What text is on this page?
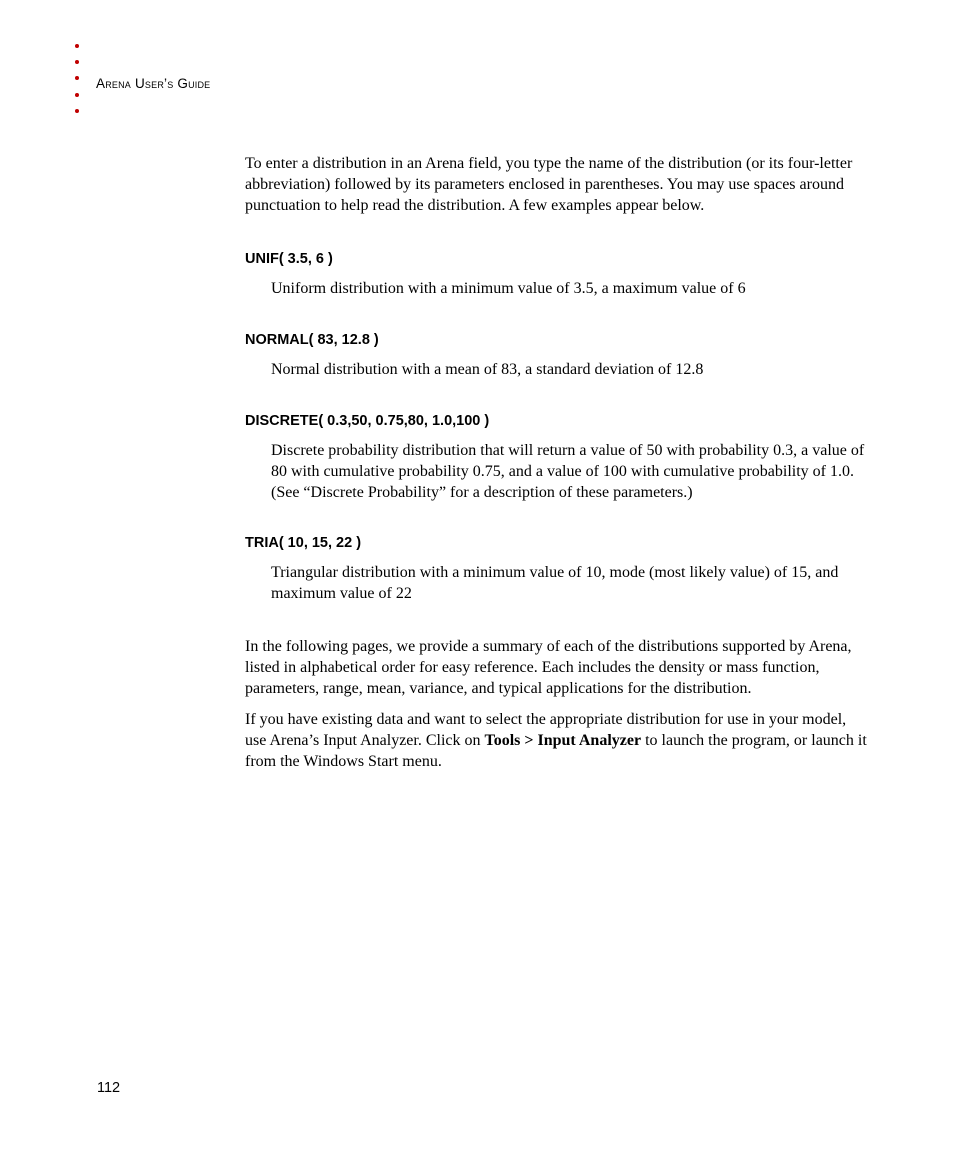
Arena User’s Guide

To enter a distribution in an Arena field, you type the name of the distribution (or its four-letter abbreviation) followed by its parameters enclosed in parentheses. You may use spaces around punctuation to help read the distribution. A few examples appear below.

UNIF( 3.5, 6 )

Uniform distribution with a minimum value of 3.5, a maximum value of 6

NORMAL( 83, 12.8 )

Normal distribution with a mean of 83, a standard deviation of 12.8

DISCRETE( 0.3,50, 0.75,80, 1.0,100 )

Discrete probability distribution that will return a value of 50 with probability 0.3, a value of 80 with cumulative probability 0.75, and a value of 100 with cumulative probability of 1.0. (See “Discrete Probability” for a description of these parameters.)

TRIA( 10, 15, 22 )

Triangular distribution with a minimum value of 10, mode (most likely value) of 15, and maximum value of 22

In the following pages, we provide a summary of each of the distributions supported by Arena, listed in alphabetical order for easy reference. Each includes the density or mass function, parameters, range, mean, variance, and typical applications for the distribution.

If you have existing data and want to select the appropriate distribution for use in your model, use Arena’s Input Analyzer. Click on Tools > Input Analyzer to launch the program, or launch it from the Windows Start menu.

112
